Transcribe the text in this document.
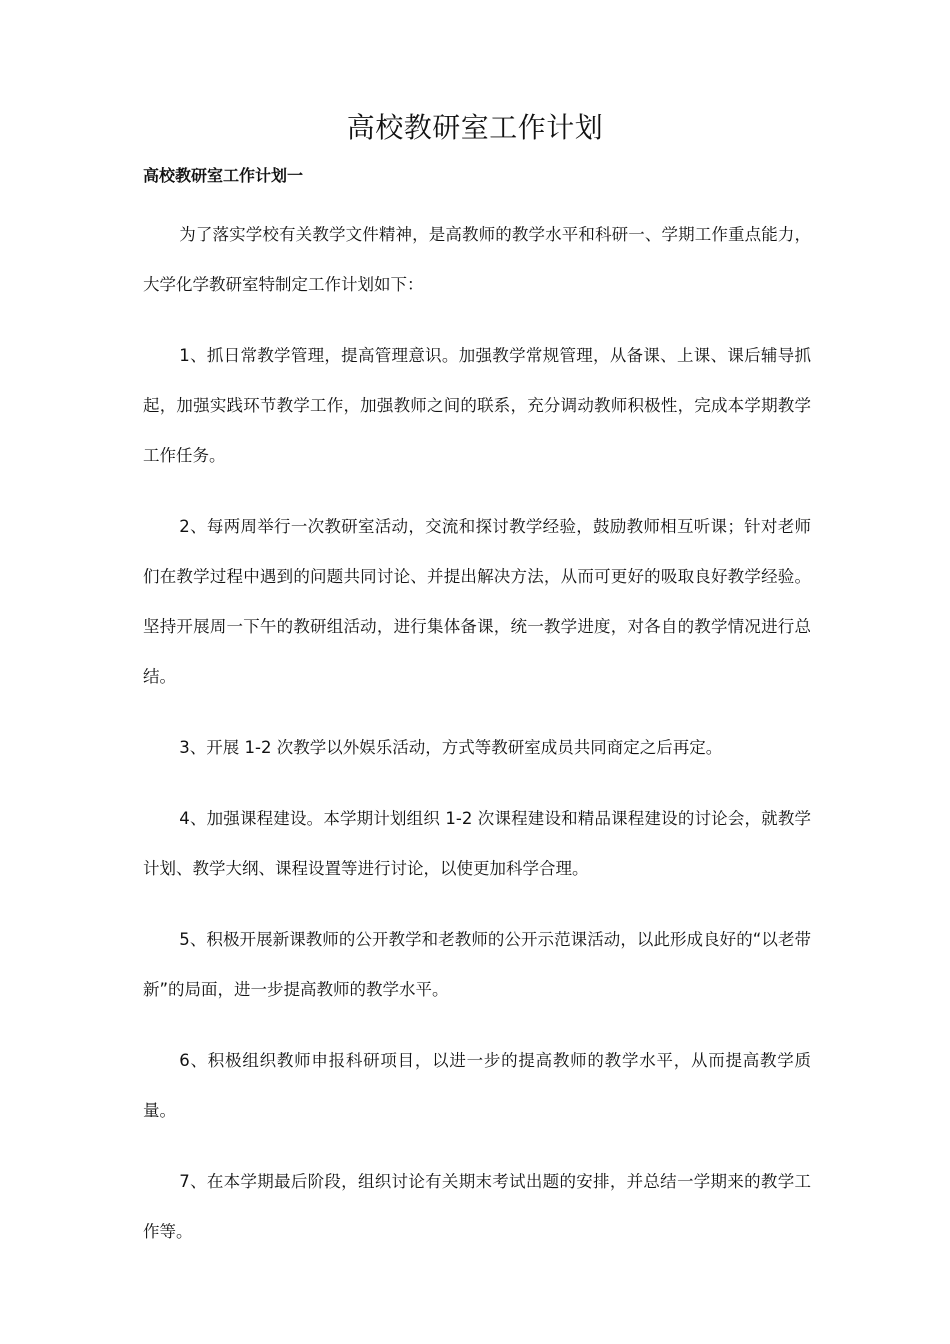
高校教研室工作计划
高校教研室工作计划一

为了落实学校有关教学文件精神，是高教师的教学水平和科研一、学期工作重点能力，大学化学教研室特制定工作计划如下：

1、抓日常教学管理，提高管理意识。加强教学常规管理，从备课、上课、课后辅导抓起，加强实践环节教学工作，加强教师之间的联系，充分调动教师积极性，完成本学期教学工作任务。

2、每两周举行一次教研室活动，交流和探讨教学经验，鼓励教师相互听课；针对老师们在教学过程中遇到的问题共同讨论、并提出解决方法，从而可更好的吸取良好教学经验。坚持开展周一下午的教研组活动，进行集体备课，统一教学进度，对各自的教学情况进行总结。

3、开展 1-2 次教学以外娱乐活动，方式等教研室成员共同商定之后再定。

4、加强课程建设。本学期计划组织 1-2 次课程建设和精品课程建设的讨论会，就教学计划、教学大纲、课程设置等进行讨论，以使更加科学合理。

5、积极开展新课教师的公开教学和老教师的公开示范课活动，以此形成良好的“以老带新”的局面，进一步提高教师的教学水平。

6、积极组织教师申报科研项目，以进一步的提高教师的教学水平，从而提高教学质量。

7、在本学期最后阶段，组织讨论有关期末考试出题的安排，并总结一学期来的教学工作等。
